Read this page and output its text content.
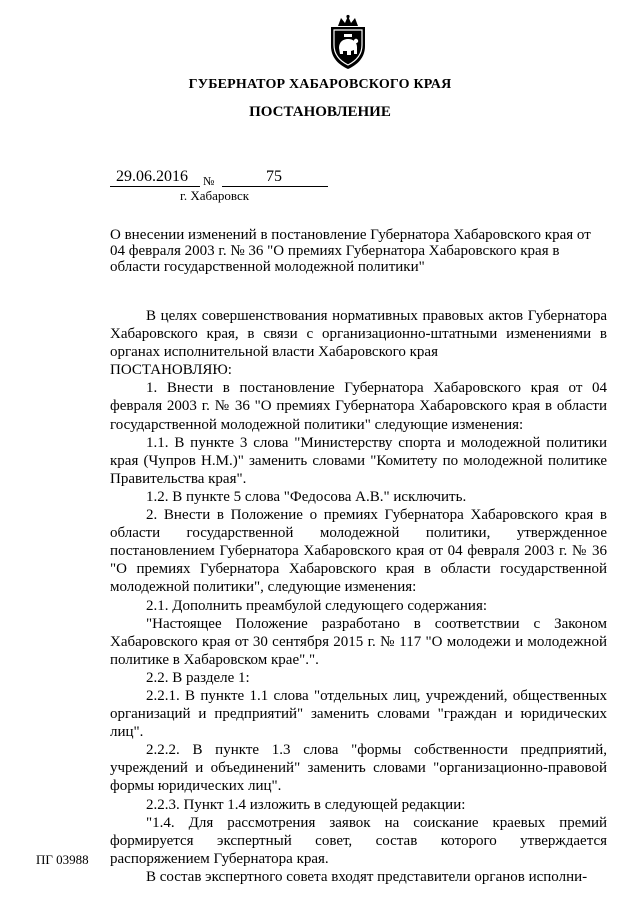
ГУБЕРНАТОР ХАБАРОВСКОГО КРАЯ
ПОСТАНОВЛЕНИЕ
29.06.2016	№	75
г. Хабаровск
О внесении изменений в постановление Губернатора Хабаровского края от 04 февраля 2003 г. № 36 "О премиях Губернатора Хабаровского края в области государственной молодежной политики"

В целях совершенствования нормативных правовых актов Губернатора Хабаровского края, в связи с организационно-штатными изменениями в органах исполнительной власти Хабаровского края

ПОСТАНОВЛЯЮ:

1. Внести в постановление Губернатора Хабаровского края от 04 февраля 2003 г. № 36 "О премиях Губернатора Хабаровского края в области государственной молодежной политики" следующие изменения:

1.1. В пункте 3 слова "Министерству спорта и молодежной политики края (Чупров Н.М.)" заменить словами "Комитету по молодежной политике Правительства края".

1.2. В пункте 5 слова "Федосова А.В." исключить.

2. Внести в Положение о премиях Губернатора Хабаровского края в области государственной молодежной политики, утвержденное постановлением Губернатора Хабаровского края от 04 февраля 2003 г. № 36 "О премиях Губернатора Хабаровского края в области государственной молодежной политики", следующие изменения:

2.1. Дополнить преамбулой следующего содержания:

"Настоящее Положение разработано в соответствии с Законом Хабаровского края от 30 сентября 2015 г. № 117 "О молодежи и молодежной политике в Хабаровском крае".".

2.2. В разделе 1:

2.2.1. В пункте 1.1 слова "отдельных лиц, учреждений, общественных организаций и предприятий" заменить словами "граждан и юридических лиц".

2.2.2. В пункте 1.3 слова "формы собственности предприятий, учреждений и объединений" заменить словами "организационно-правовой формы юридических лиц".

2.2.3. Пункт 1.4 изложить в следующей редакции:

"1.4. Для рассмотрения заявок на соискание краевых премий формируется экспертный совет, состав которого утверждается распоряжением Губернатора края.

В состав экспертного совета входят представители органов исполни-

ПГ 03988
